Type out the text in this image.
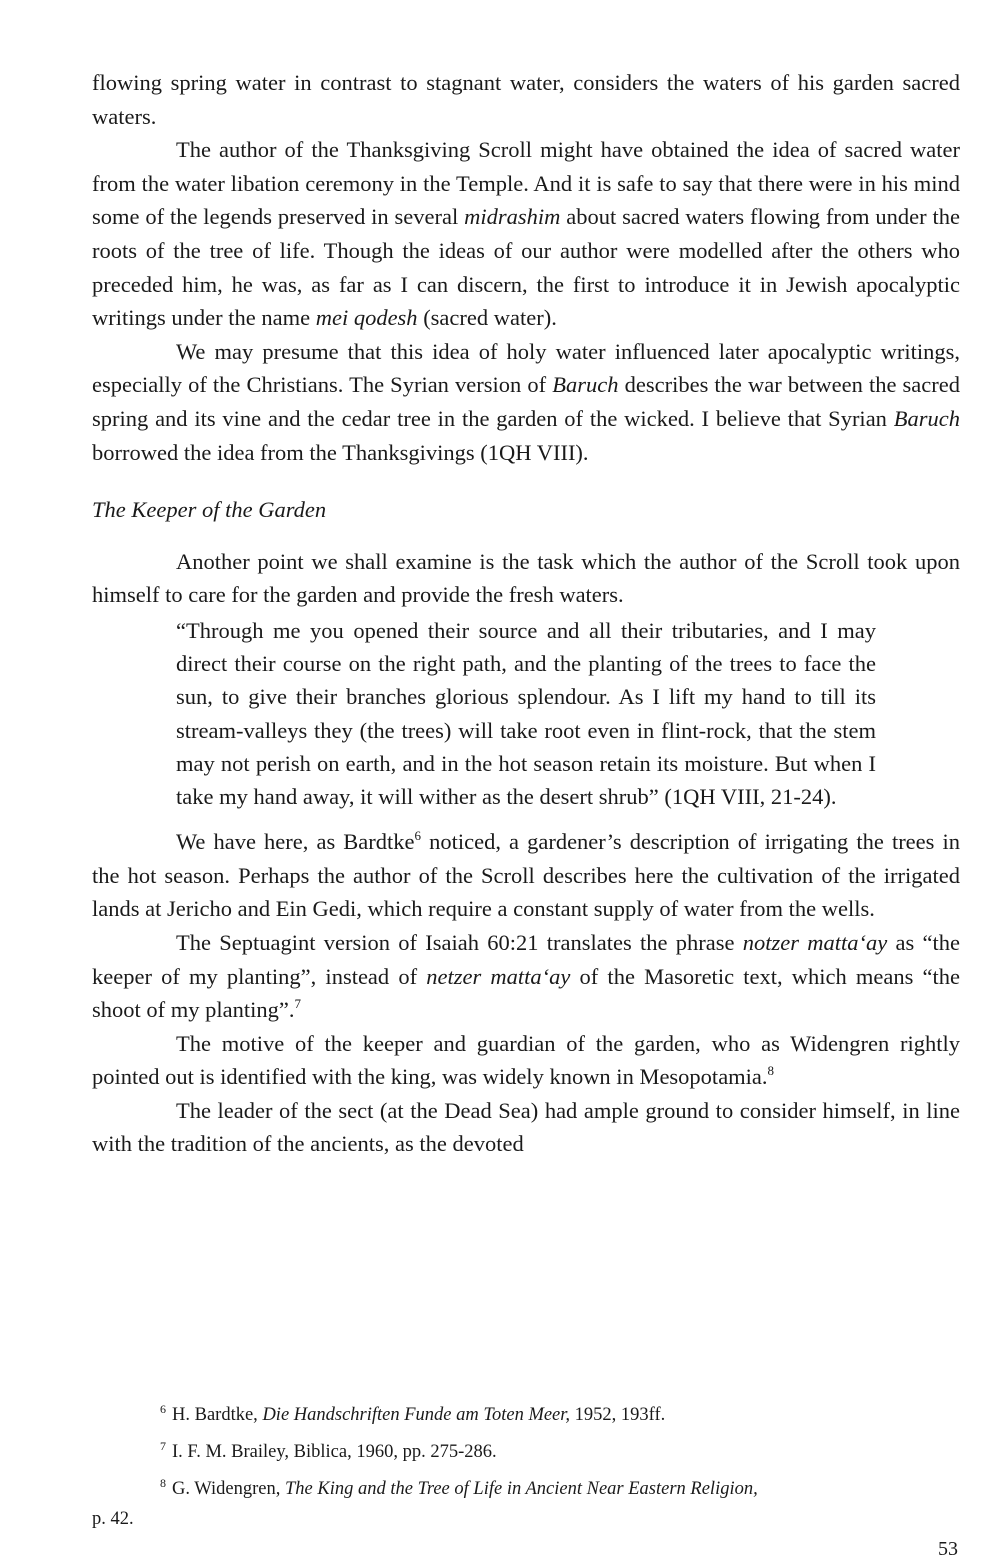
flowing spring water in contrast to stagnant water, considers the waters of his garden sacred waters.

The author of the Thanksgiving Scroll might have obtained the idea of sacred water from the water libation ceremony in the Temple. And it is safe to say that there were in his mind some of the legends preserved in several midrashim about sacred waters flowing from under the roots of the tree of life. Though the ideas of our author were modelled after the others who preceded him, he was, as far as I can discern, the first to introduce it in Jewish apocalyptic writings under the name mei qodesh (sacred water).

We may presume that this idea of holy water influenced later apocalyptic writings, especially of the Christians. The Syrian version of Baruch describes the war between the sacred spring and its vine and the cedar tree in the garden of the wicked. I believe that Syrian Baruch borrowed the idea from the Thanksgivings (1QH VIII).

The Keeper of the Garden

Another point we shall examine is the task which the author of the Scroll took upon himself to care for the garden and provide the fresh waters.

“Through me you opened their source and all their tributaries, and I may direct their course on the right path, and the planting of the trees to face the sun, to give their branches glorious splendour. As I lift my hand to till its stream-valleys they (the trees) will take root even in flint-rock, that the stem may not perish on earth, and in the hot season retain its moisture. But when I take my hand away, it will wither as the desert shrub” (1QH VIII, 21-24).

We have here, as Bardtke$^6$ noticed, a gardener’s description of irrigating the trees in the hot season. Perhaps the author of the Scroll describes here the cultivation of the irrigated lands at Jericho and Ein Gedi, which require a constant supply of water from the wells.

The Septuagint version of Isaiah 60:21 translates the phrase notzer matta‘ay as “the keeper of my planting”, instead of netzer matta‘ay of the Masoretic text, which means “the shoot of my planting”.$^7$

The motive of the keeper and guardian of the garden, who as Widengren rightly pointed out is identified with the king, was widely known in Mesopotamia.$^8$

The leader of the sect (at the Dead Sea) had ample ground to consider himself, in line with the tradition of the ancients, as the devoted

$^6$ H. Bardtke, Die Handschriften Funde am Toten Meer, 1952, 193ff.

$^7$ I. F. M. Brailey, Biblica, 1960, pp. 275-286.

$^8$ G. Widengren, The King and the Tree of Life in Ancient Near Eastern Religion,

p. 42.

53
